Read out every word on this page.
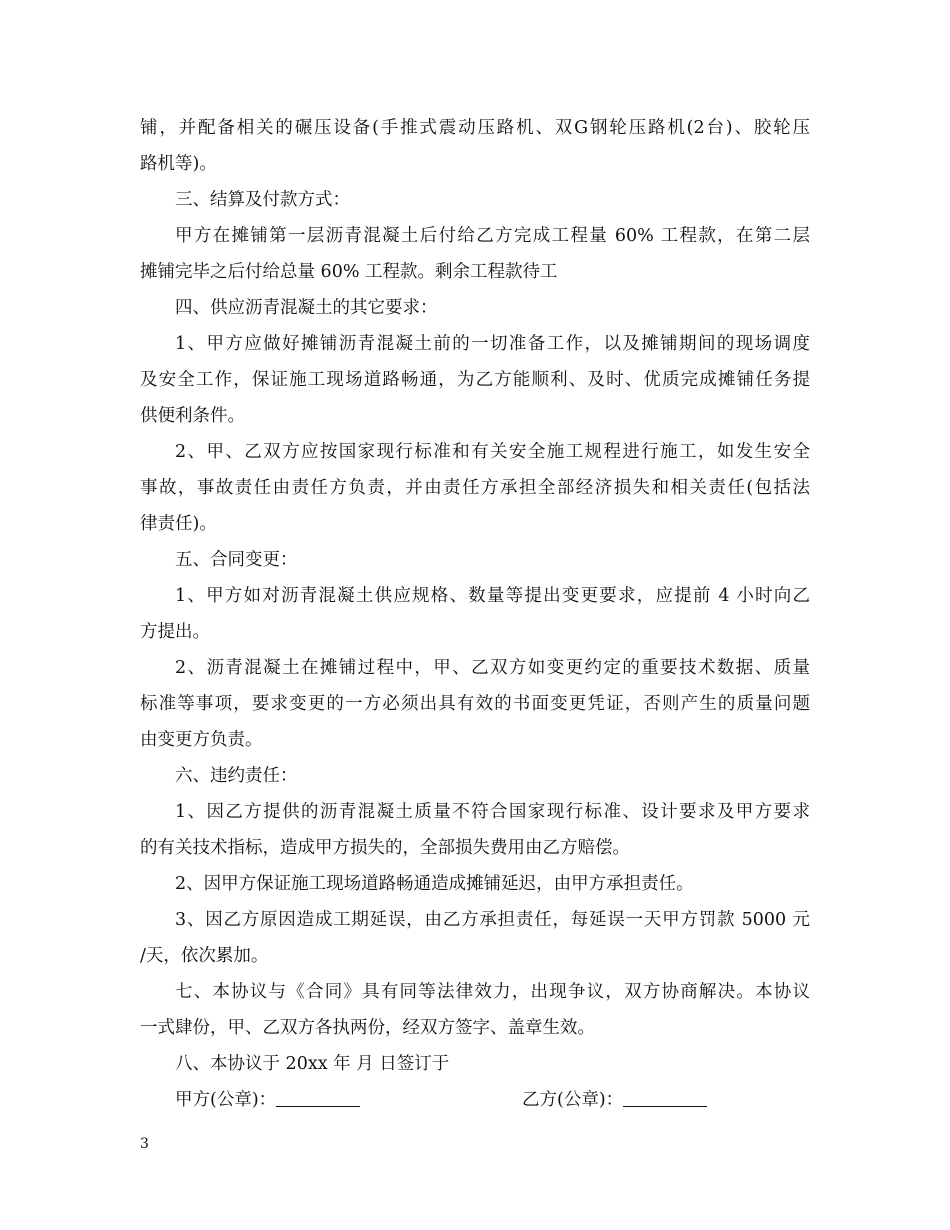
铺，并配备相关的碾压设备(手推式震动压路机、双G钢轮压路机(2台)、胶轮压
路机等)。
三、结算及付款方式：
甲方在摊铺第一层沥青混凝土后付给乙方完成工程量 60% 工程款，在第二层
摊铺完毕之后付给总量 60% 工程款。剩余工程款待工
四、供应沥青混凝土的其它要求：
1、甲方应做好摊铺沥青混凝土前的一切准备工作，以及摊铺期间的现场调度
及安全工作，保证施工现场道路畅通，为乙方能顺利、及时、优质完成摊铺任务提
供便利条件。
2、甲、乙双方应按国家现行标准和有关安全施工规程进行施工，如发生安全
事故，事故责任由责任方负责，并由责任方承担全部经济损失和相关责任(包括法
律责任)。
五、合同变更：
1、甲方如对沥青混凝土供应规格、数量等提出变更要求，应提前 4 小时向乙
方提出。
2、沥青混凝土在摊铺过程中，甲、乙双方如变更约定的重要技术数据、质量
标准等事项，要求变更的一方必须出具有效的书面变更凭证，否则产生的质量问题
由变更方负责。
六、违约责任：
1、因乙方提供的沥青混凝土质量不符合国家现行标准、设计要求及甲方要求
的有关技术指标，造成甲方损失的，全部损失费用由乙方赔偿。
2、因甲方保证施工现场道路畅通造成摊铺延迟，由甲方承担责任。
3、因乙方原因造成工期延误，由乙方承担责任，每延误一天甲方罚款 5000 元
/天，依次累加。
七、本协议与《合同》具有同等法律效力，出现争议，双方协商解决。本协议
一式肆份，甲、乙双方各执两份，经双方签字、盖章生效。
八、本协议于 20xx 年 月 日签订于
甲方(公章)：	乙方(公章)：
3
